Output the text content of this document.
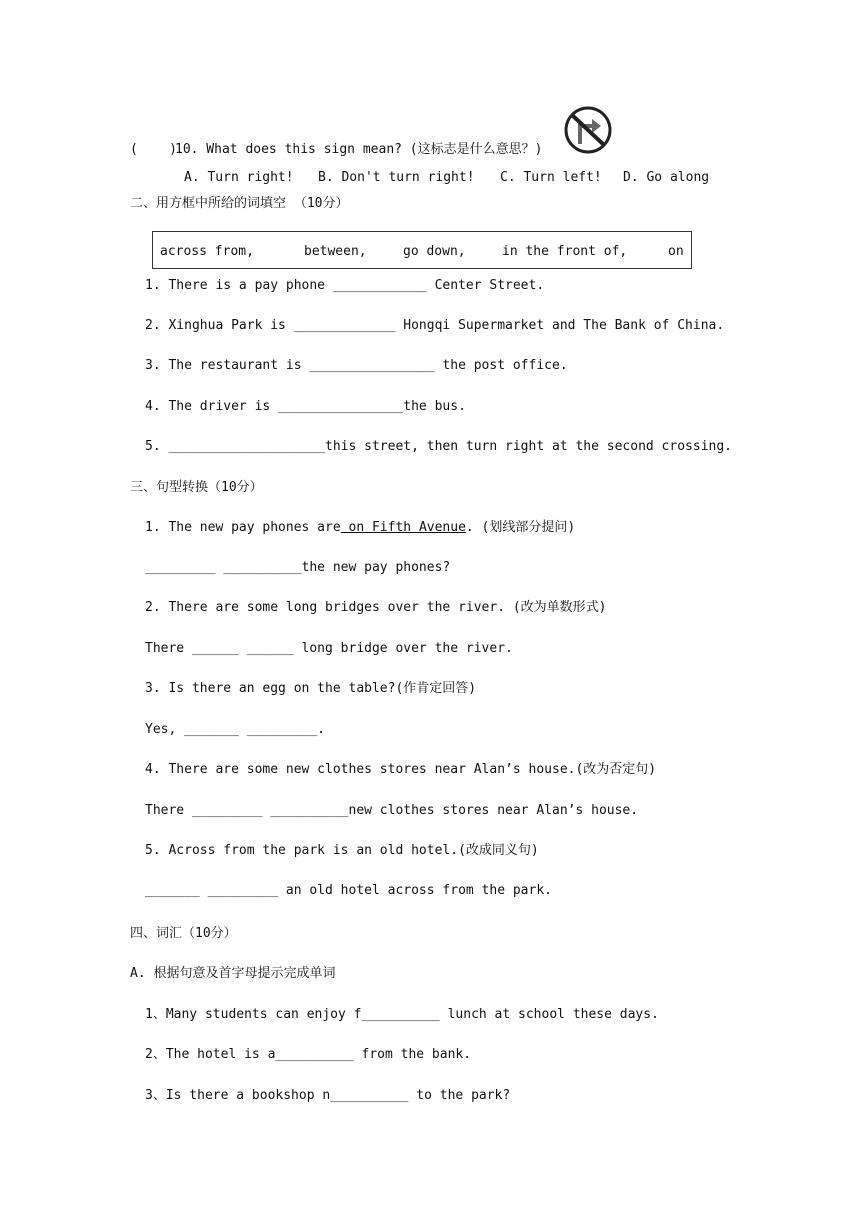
(    )
10. What does this sign mean? (这标志是什么意思？)
A. Turn right! B. Don't turn right! C. Turn left! D. Go along
二、用方框中所给的词填空 （10分）
across from,	between,	go down,	in the front of,	on
1. There is a pay phone ____________ Center Street.
2. Xinghua Park is _____________ Hongqi Supermarket and The Bank of China.
3. The restaurant is ________________ the post office.
4. The driver is ________________the bus.
5. ____________________this street, then turn right at the second crossing.
三、句型转换（10分）
1. The new pay phones are on Fifth Avenue. (划线部分提问)
_________ __________the new pay phones?
2. There are some long bridges over the river. (改为单数形式)
There ______ ______ long bridge over the river.
3. Is there an egg on the table?(作肯定回答)
Yes, _______ _________.
4. There are some new clothes stores near Alan’s house.(改为否定句)
There _________ __________new clothes stores near Alan’s house.
5. Across from the park is an old hotel.(改成同义句)
_______ _________ an old hotel across from the park.
四、词汇（10分）
A. 根据句意及首字母提示完成单词
1、Many students can enjoy f__________ lunch at school these days.
2、The hotel is a__________ from the bank.
3、Is there a bookshop n__________ to the park?
